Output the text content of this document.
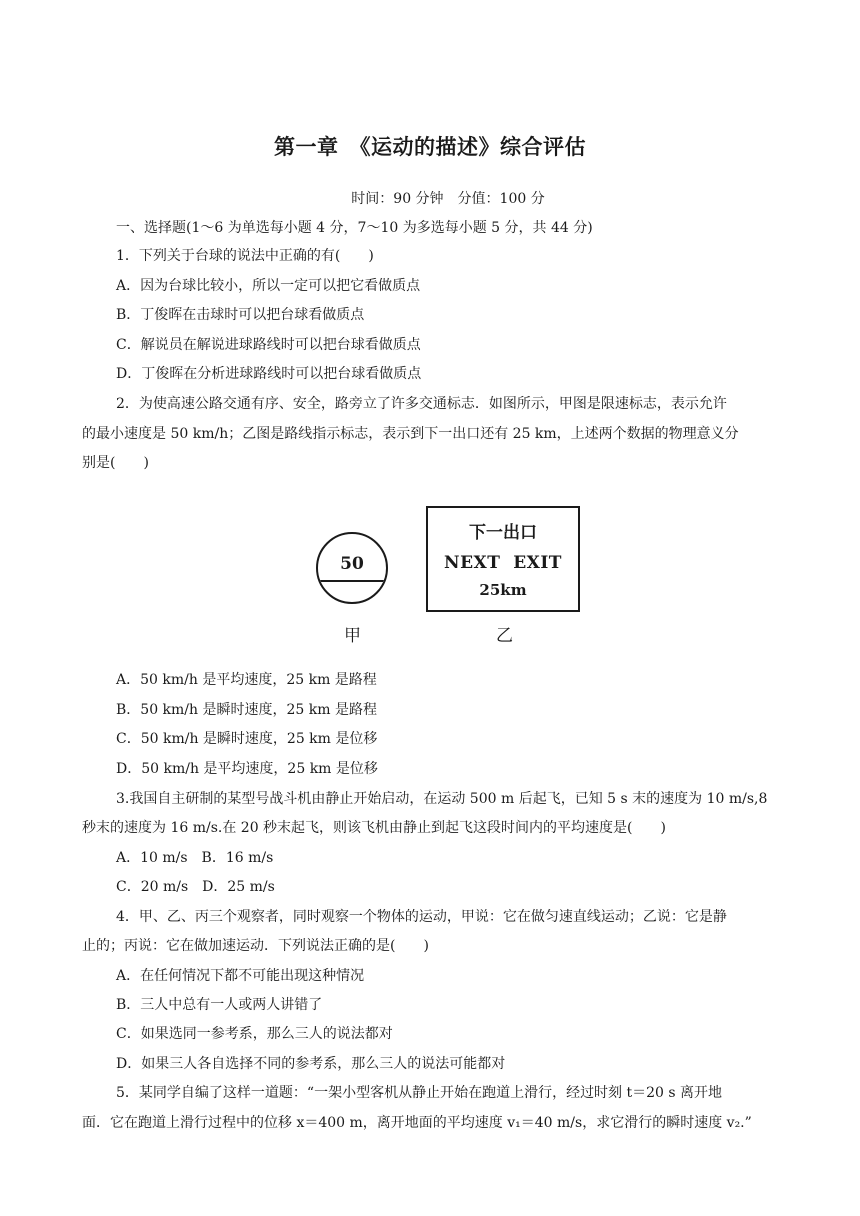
第一章　《运动的描述》综合评估
时间：90 分钟　分值：100 分
一、选择题(1～6 为单选每小题 4 分，7～10 为多选每小题 5 分，共 44 分)
1．下列关于台球的说法中正确的有(　　)
A．因为台球比较小，所以一定可以把它看做质点
B．丁俊晖在击球时可以把台球看做质点
C．解说员在解说进球路线时可以把台球看做质点
D．丁俊晖在分析进球路线时可以把台球看做质点
2．为使高速公路交通有序、安全，路旁立了许多交通标志．如图所示，甲图是限速标志，表示允许
的最小速度是 50 km/h；乙图是路线指示标志，表示到下一出口还有 25 km，上述两个数据的物理意义分
别是(　　)
50
下一出口
NEXT  EXIT
25km
甲	乙
A．50 km/h 是平均速度，25 km 是路程
B．50 km/h 是瞬时速度，25 km 是路程
C．50 km/h 是瞬时速度，25 km 是位移
D．50 km/h 是平均速度，25 km 是位移
3.我国自主研制的某型号战斗机由静止开始启动，在运动 500 m 后起飞，已知 5 s 末的速度为 10 m/s,8
秒末的速度为 16 m/s.在 20 秒末起飞，则该飞机由静止到起飞这段时间内的平均速度是(　　)
A．10 m/s　B．16 m/s
C．20 m/s　D．25 m/s
4．甲、乙、丙三个观察者，同时观察一个物体的运动，甲说：它在做匀速直线运动；乙说：它是静
止的；丙说：它在做加速运动．下列说法正确的是(　　)
A．在任何情况下都不可能出现这种情况
B．三人中总有一人或两人讲错了
C．如果选同一参考系，那么三人的说法都对
D．如果三人各自选择不同的参考系，那么三人的说法可能都对
5．某同学自编了这样一道题：“一架小型客机从静止开始在跑道上滑行，经过时刻 t＝20 s 离开地
面．它在跑道上滑行过程中的位移 x＝400 m，离开地面的平均速度 v₁＝40 m/s，求它滑行的瞬时速度 v₂.”
